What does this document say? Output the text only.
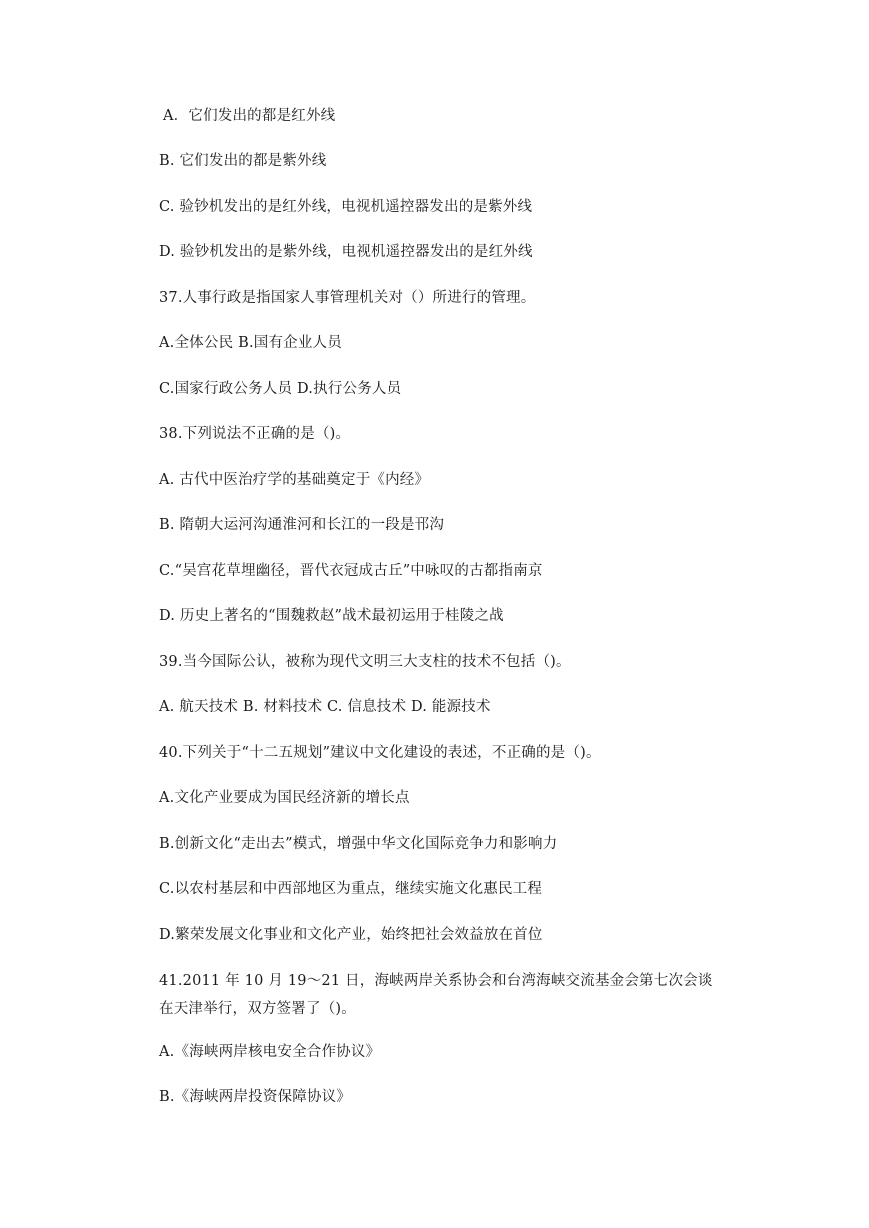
A．它们发出的都是红外线
B. 它们发出的都是紫外线
C. 验钞机发出的是红外线，电视机遥控器发出的是紫外线
D. 验钞机发出的是紫外线，电视机遥控器发出的是红外线
37.人事行政是指国家人事管理机关对（）所进行的管理。
A.全体公民 B.国有企业人员
C.国家行政公务人员 D.执行公务人员
38.下列说法不正确的是（)。
A. 古代中医治疗学的基础奠定于《内经》
B. 隋朝大运河沟通淮河和长江的一段是邗沟
C.“吴宫花草埋幽径，晋代衣冠成古丘”中咏叹的古都指南京
D. 历史上著名的“围魏救赵”战术最初运用于桂陵之战
39.当今国际公认，被称为现代文明三大支柱的技术不包括（)。
A. 航天技术 B. 材料技术 C. 信息技术 D. 能源技术
40.下列关于“十二五规划”建议中文化建设的表述，不正确的是（)。
A.文化产业要成为国民经济新的增长点
B.创新文化“走出去”模式，增强中华文化国际竞争力和影响力
C.以农村基层和中西部地区为重点，继续实施文化惠民工程
D.繁荣发展文化事业和文化产业，始终把社会效益放在首位
41.2011 年 10 月 19～21 日，海峡两岸关系协会和台湾海峡交流基金会第七次会谈在天津举行，双方签署了（)。
A.《海峡两岸核电安全合作协议》
B.《海峡两岸投资保障协议》
